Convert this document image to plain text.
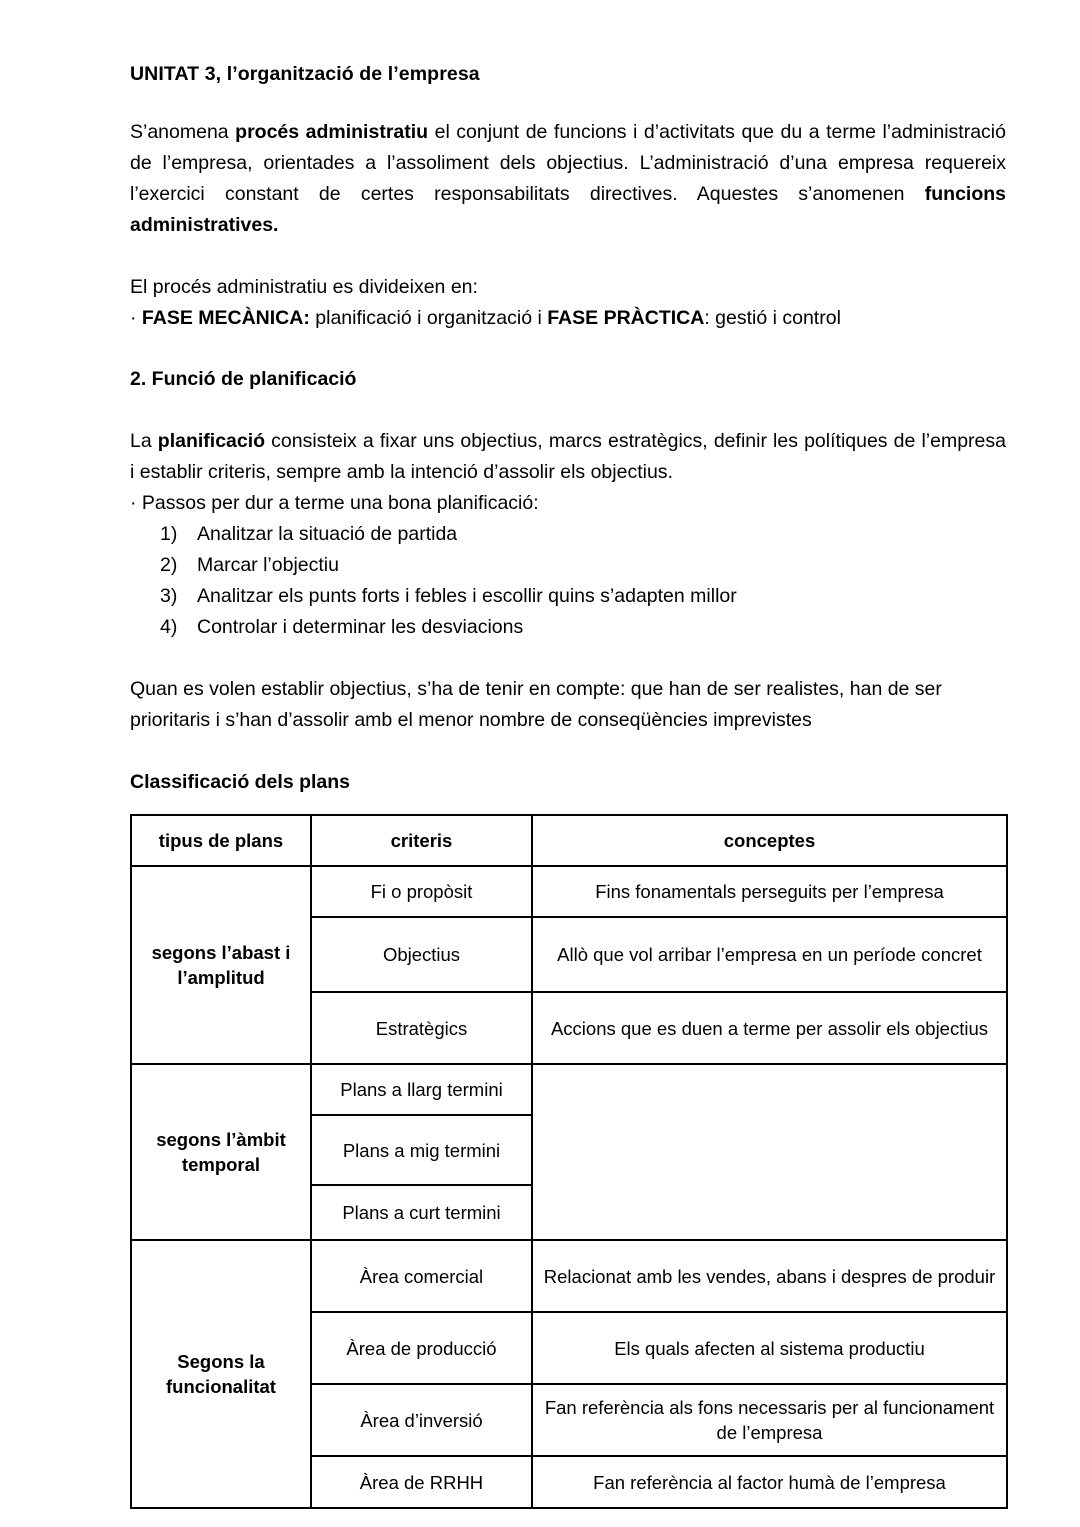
UNITAT 3, l’organització de l’empresa

S’anomena procés administratiu el conjunt de funcions i d’activitats que du a terme l’administració de l’empresa, orientades a l’assoliment dels objectius. L’administració d’una empresa requereix l’exercici constant de certes responsabilitats directives. Aquestes s’anomenen funcions administratives.

El procés administratiu es divideixen en:

· FASE MECÀNICA: planificació i organització i FASE PRÀCTICA: gestió i control

2. Funció de planificació

La planificació consisteix a fixar uns objectius, marcs estratègics, definir les polítiques de l’empresa i establir criteris, sempre amb la intenció d’assolir els objectius.

· Passos per dur a terme una bona planificació:

1)	Analitzar la situació de partida
2)	Marcar l’objectiu
3)	Analitzar els punts forts i febles i escollir quins s’adapten millor
4)	Controlar i determinar les desviacions

Quan es volen establir objectius, s’ha de tenir en compte: que han de ser realistes, han de ser prioritaris i s’han d’assolir amb el menor nombre de conseqüències imprevistes

Classificació dels plans
tipus de plans	criteris	conceptes
segons l’abast i l’amplitud	Fi o propòsit	Fins fonamentals perseguits per l’empresa
	Objectius	Allò que vol arribar l’empresa en un període concret
	Estratègics	Accions que es duen a terme per assolir els objectius
segons l’àmbit temporal	Plans a llarg termini	
	Plans a mig termini	
	Plans a curt termini	
Segons la funcionalitat	Àrea comercial	Relacionat amb les vendes, abans i despres de produir
	Àrea de producció	Els quals afecten al sistema productiu
	Àrea d’inversió	Fan referència als fons necessaris per al funcionament de l’empresa
	Àrea de RRHH	Fan referència al factor humà de l’empresa
